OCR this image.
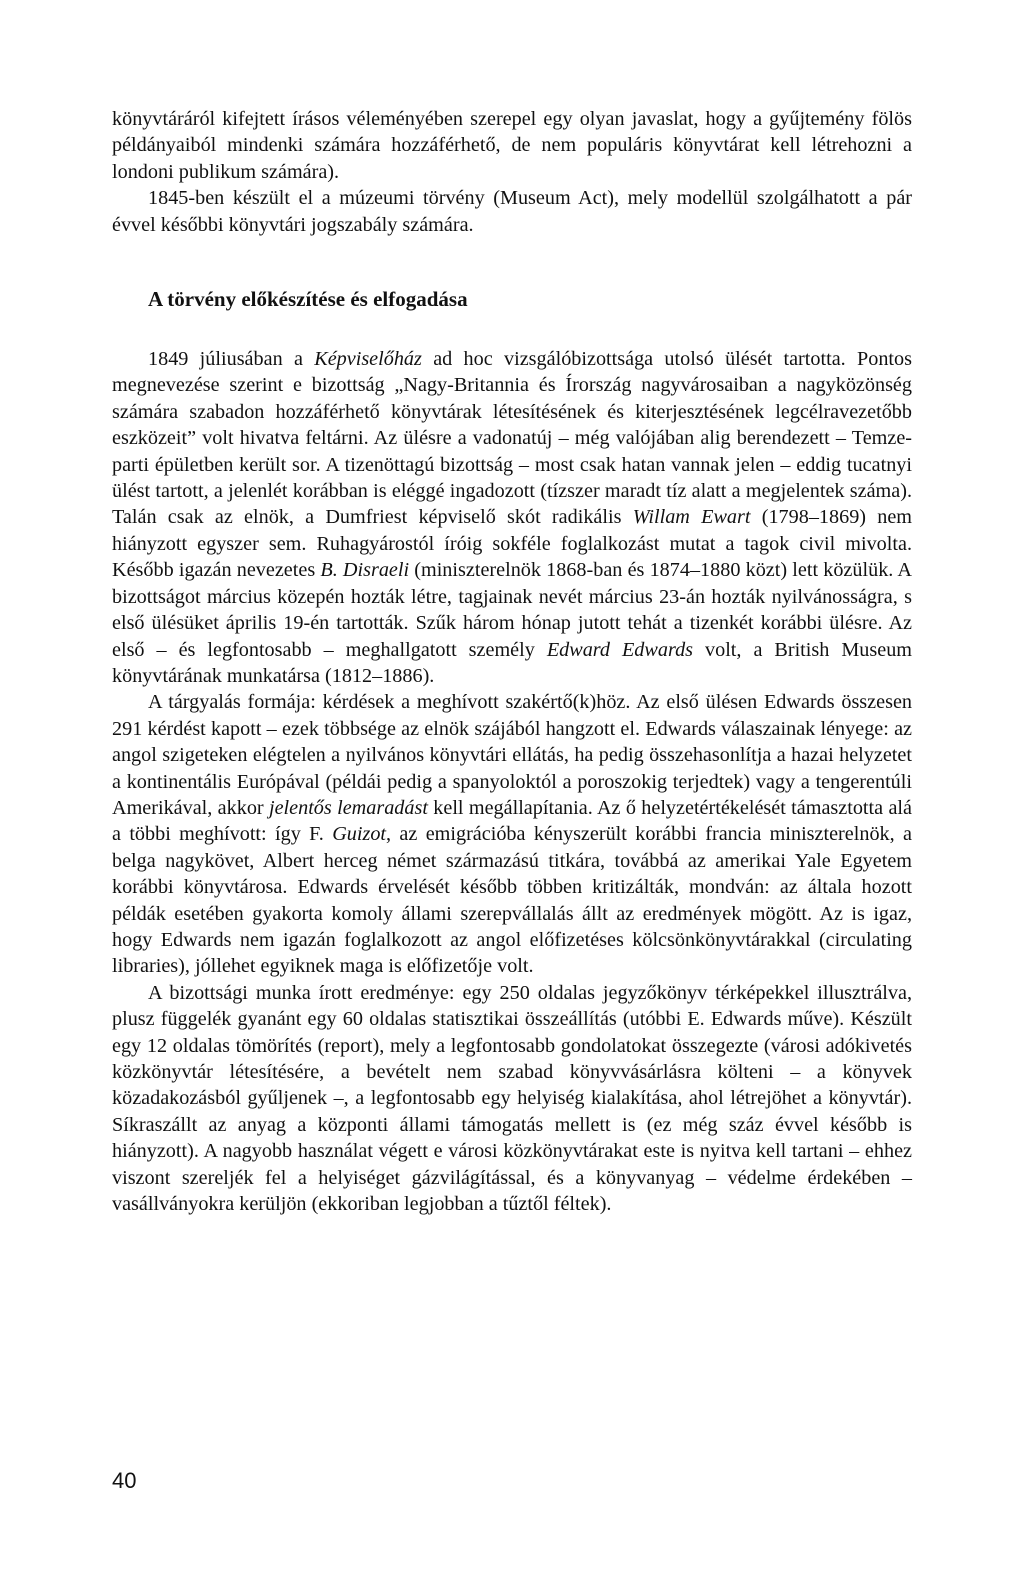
könyvtáráról kifejtett írásos véleményében szerepel egy olyan javaslat, hogy a gyűjtemény fölös példányaiból mindenki számára hozzáférhető, de nem populáris könyvtárat kell létrehozni a londoni publikum számára).

1845-ben készült el a múzeumi törvény (Museum Act), mely modellül szolgálhatott a pár évvel későbbi könyvtári jogszabály számára.

A törvény előkészítése és elfogadása

1849 júliusában a Képviselőház ad hoc vizsgálóbizottsága utolsó ülését tartotta. Pontos megnevezése szerint e bizottság „Nagy-Britannia és Írország nagyvárosaiban a nagyközönség számára szabadon hozzáférhető könyvtárak létesítésének és kiterjesztésének legcélravezetőbb eszközeit” volt hivatva feltárni. Az ülésre a vadonatúj – még valójában alig berendezett – Temze-parti épületben került sor. A tizenöttagú bizottság – most csak hatan vannak jelen – eddig tucatnyi ülést tartott, a jelenlét korábban is eléggé ingadozott (tízszer maradt tíz alatt a megjelentek száma). Talán csak az elnök, a Dumfriest képviselő skót radikális Willam Ewart (1798–1869) nem hiányzott egyszer sem. Ruhagyárostól íróig sokféle foglalkozást mutat a tagok civil mivolta. Később igazán nevezetes B. Disraeli (miniszterelnök 1868-ban és 1874–1880 közt) lett közülük. A bizottságot március közepén hozták létre, tagjainak nevét március 23-án hozták nyilvánosságra, s első ülésüket április 19-én tartották. Szűk három hónap jutott tehát a tizenkét korábbi ülésre. Az első – és legfontosabb – meghallgatott személy Edward Edwards volt, a British Museum könyvtárának munkatársa (1812–1886).

A tárgyalás formája: kérdések a meghívott szakértő(k)höz. Az első ülésen Edwards összesen 291 kérdést kapott – ezek többsége az elnök szájából hangzott el. Edwards válaszainak lényege: az angol szigeteken elégtelen a nyilvános könyvtári ellátás, ha pedig összehasonlítja a hazai helyzetet a kontinentális Európával (példái pedig a spanyoloktól a poroszokig terjedtek) vagy a tengerentúli Amerikával, akkor jelentős lemaradást kell megállapítania. Az ő helyzetértékelését támasztotta alá a többi meghívott: így F. Guizot, az emigrációba kényszerült korábbi francia miniszterelnök, a belga nagykövet, Albert herceg német származású titkára, továbbá az amerikai Yale Egyetem korábbi könyvtárosa. Edwards érvelését később többen kritizálták, mondván: az általa hozott példák esetében gyakorta komoly állami szerepvállalás állt az eredmények mögött. Az is igaz, hogy Edwards nem igazán foglalkozott az angol előfizetéses kölcsönkönyvtárakkal (circulating libraries), jóllehet egyiknek maga is előfizetője volt.

A bizottsági munka írott eredménye: egy 250 oldalas jegyzőkönyv térképekkel illusztrálva, plusz függelék gyanánt egy 60 oldalas statisztikai összeállítás (utóbbi E. Edwards műve). Készült egy 12 oldalas tömörítés (report), mely a legfontosabb gondolatokat összegezte (városi adókivetés közkönyvtár létesítésére, a bevételt nem szabad könyvvásárlásra költeni – a könyvek közadakozásból gyűljenek –, a legfontosabb egy helyiség kialakítása, ahol létrejöhet a könyvtár). Síkraszállt az anyag a központi állami támogatás mellett is (ez még száz évvel később is hiányzott). A nagyobb használat végett e városi közkönyvtárakat este is nyitva kell tartani – ehhez viszont szereljék fel a helyiséget gázvilágítással, és a könyvanyag – védelme érdekében – vasállványokra kerüljön (ekkoriban legjobban a tűztől féltek).

40
